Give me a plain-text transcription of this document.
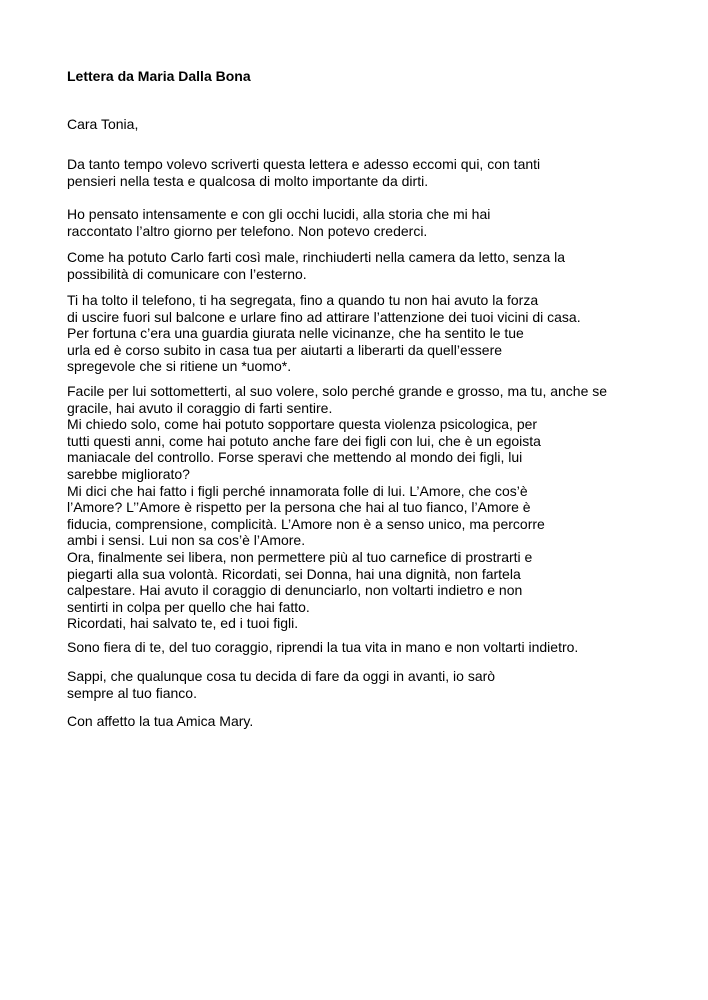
Lettera da Maria Dalla Bona

Cara Tonia,

Da tanto tempo volevo scriverti questa lettera e adesso eccomi qui, con tanti
pensieri nella testa e qualcosa di molto importante da dirti.
Ho pensato intensamente e con gli occhi lucidi, alla storia che mi hai
raccontato l’altro giorno per telefono. Non potevo crederci.
Come ha potuto Carlo farti così male, rinchiuderti nella camera da letto, senza la
possibilità di comunicare con l’esterno.
Ti ha tolto il telefono, ti ha segregata, fino a quando tu non hai avuto la forza
di uscire fuori sul balcone e urlare fino ad attirare l’attenzione dei tuoi vicini di casa.
Per fortuna c’era una guardia giurata nelle vicinanze, che ha sentito le tue
urla ed è corso subito in casa tua per aiutarti a liberarti da quell’essere
spregevole che si ritiene un *uomo*.
Facile per lui sottometterti, al suo volere, solo perché grande e grosso, ma tu, anche se
gracile, hai avuto il coraggio di farti sentire.
Mi chiedo solo, come hai potuto sopportare questa violenza psicologica, per
tutti questi anni, come hai potuto anche fare dei figli con lui, che è un egoista
maniacale del controllo. Forse speravi che mettendo al mondo dei figli, lui
sarebbe migliorato?
Mi dici che hai fatto i figli perché innamorata folle di lui. L’Amore, che cos’è
l’Amore? L’’Amore è rispetto per la persona che hai al tuo fianco, l’Amore è
fiducia, comprensione, complicità. L’Amore non è a senso unico, ma percorre
ambi i sensi. Lui non sa cos’è l’Amore.
Ora, finalmente sei libera, non permettere più al tuo carnefice di prostrarti e
piegarti alla sua volontà. Ricordati, sei Donna, hai una dignità, non fartela
calpestare. Hai avuto il coraggio di denunciarlo, non voltarti indietro e non
sentirti in colpa per quello che hai fatto.
Ricordati, hai salvato te, ed i tuoi figli.
Sono fiera di te, del tuo coraggio, riprendi la tua vita in mano e non voltarti indietro.
Sappi, che qualunque cosa tu decida di fare da oggi in avanti, io sarò
sempre al tuo fianco.
Con affetto la tua Amica Mary.
